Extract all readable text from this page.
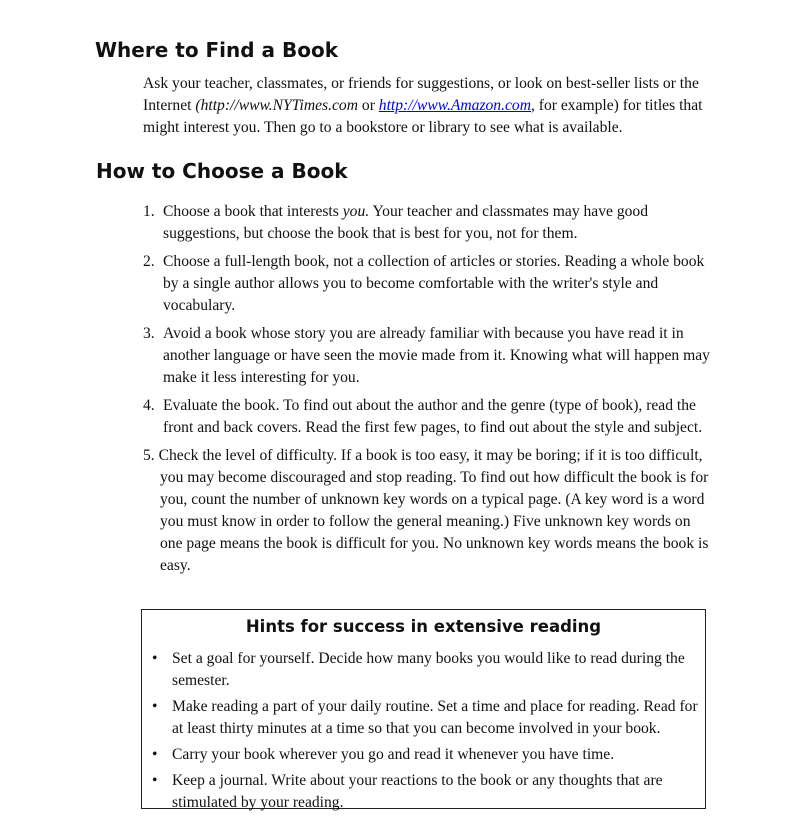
Where to Find a Book

Ask your teacher, classmates, or friends for suggestions, or look on best-seller lists or the Internet (http://www.NYTimes.com or http://www.Amazon.com, for example) for titles that might interest you. Then go to a bookstore or library to see what is available.

How to Choose a Book
1. Choose a book that interests you. Your teacher and classmates may have good suggestions, but choose the book that is best for you, not for them.
2. Choose a full-length book, not a collection of articles or stories. Reading a whole book by a single author allows you to become comfortable with the writer's style and vocabulary.
3. Avoid a book whose story you are already familiar with because you have read it in another language or have seen the movie made from it. Knowing what will happen may make it less interesting for you.
4. Evaluate the book. To find out about the author and the genre (type of book), read the front and back covers. Read the first few pages, to find out about the style and subject.
5. Check the level of difficulty. If a book is too easy, it may be boring; if it is too difficult, you may become discouraged and stop reading. To find out how difficult the book is for you, count the number of unknown key words on a typical page. (A key word is a word you must know in order to follow the general meaning.) Five unknown key words on one page means the book is difficult for you. No unknown key words means the book is easy.
Hints for success in extensive reading
• Set a goal for yourself. Decide how many books you would like to read during the semester.
• Make reading a part of your daily routine. Set a time and place for reading. Read for at least thirty minutes at a time so that you can become involved in your book.
• Carry your book wherever you go and read it whenever you have time.
• Keep a journal. Write about your reactions to the book or any thoughts that are stimulated by your reading.
